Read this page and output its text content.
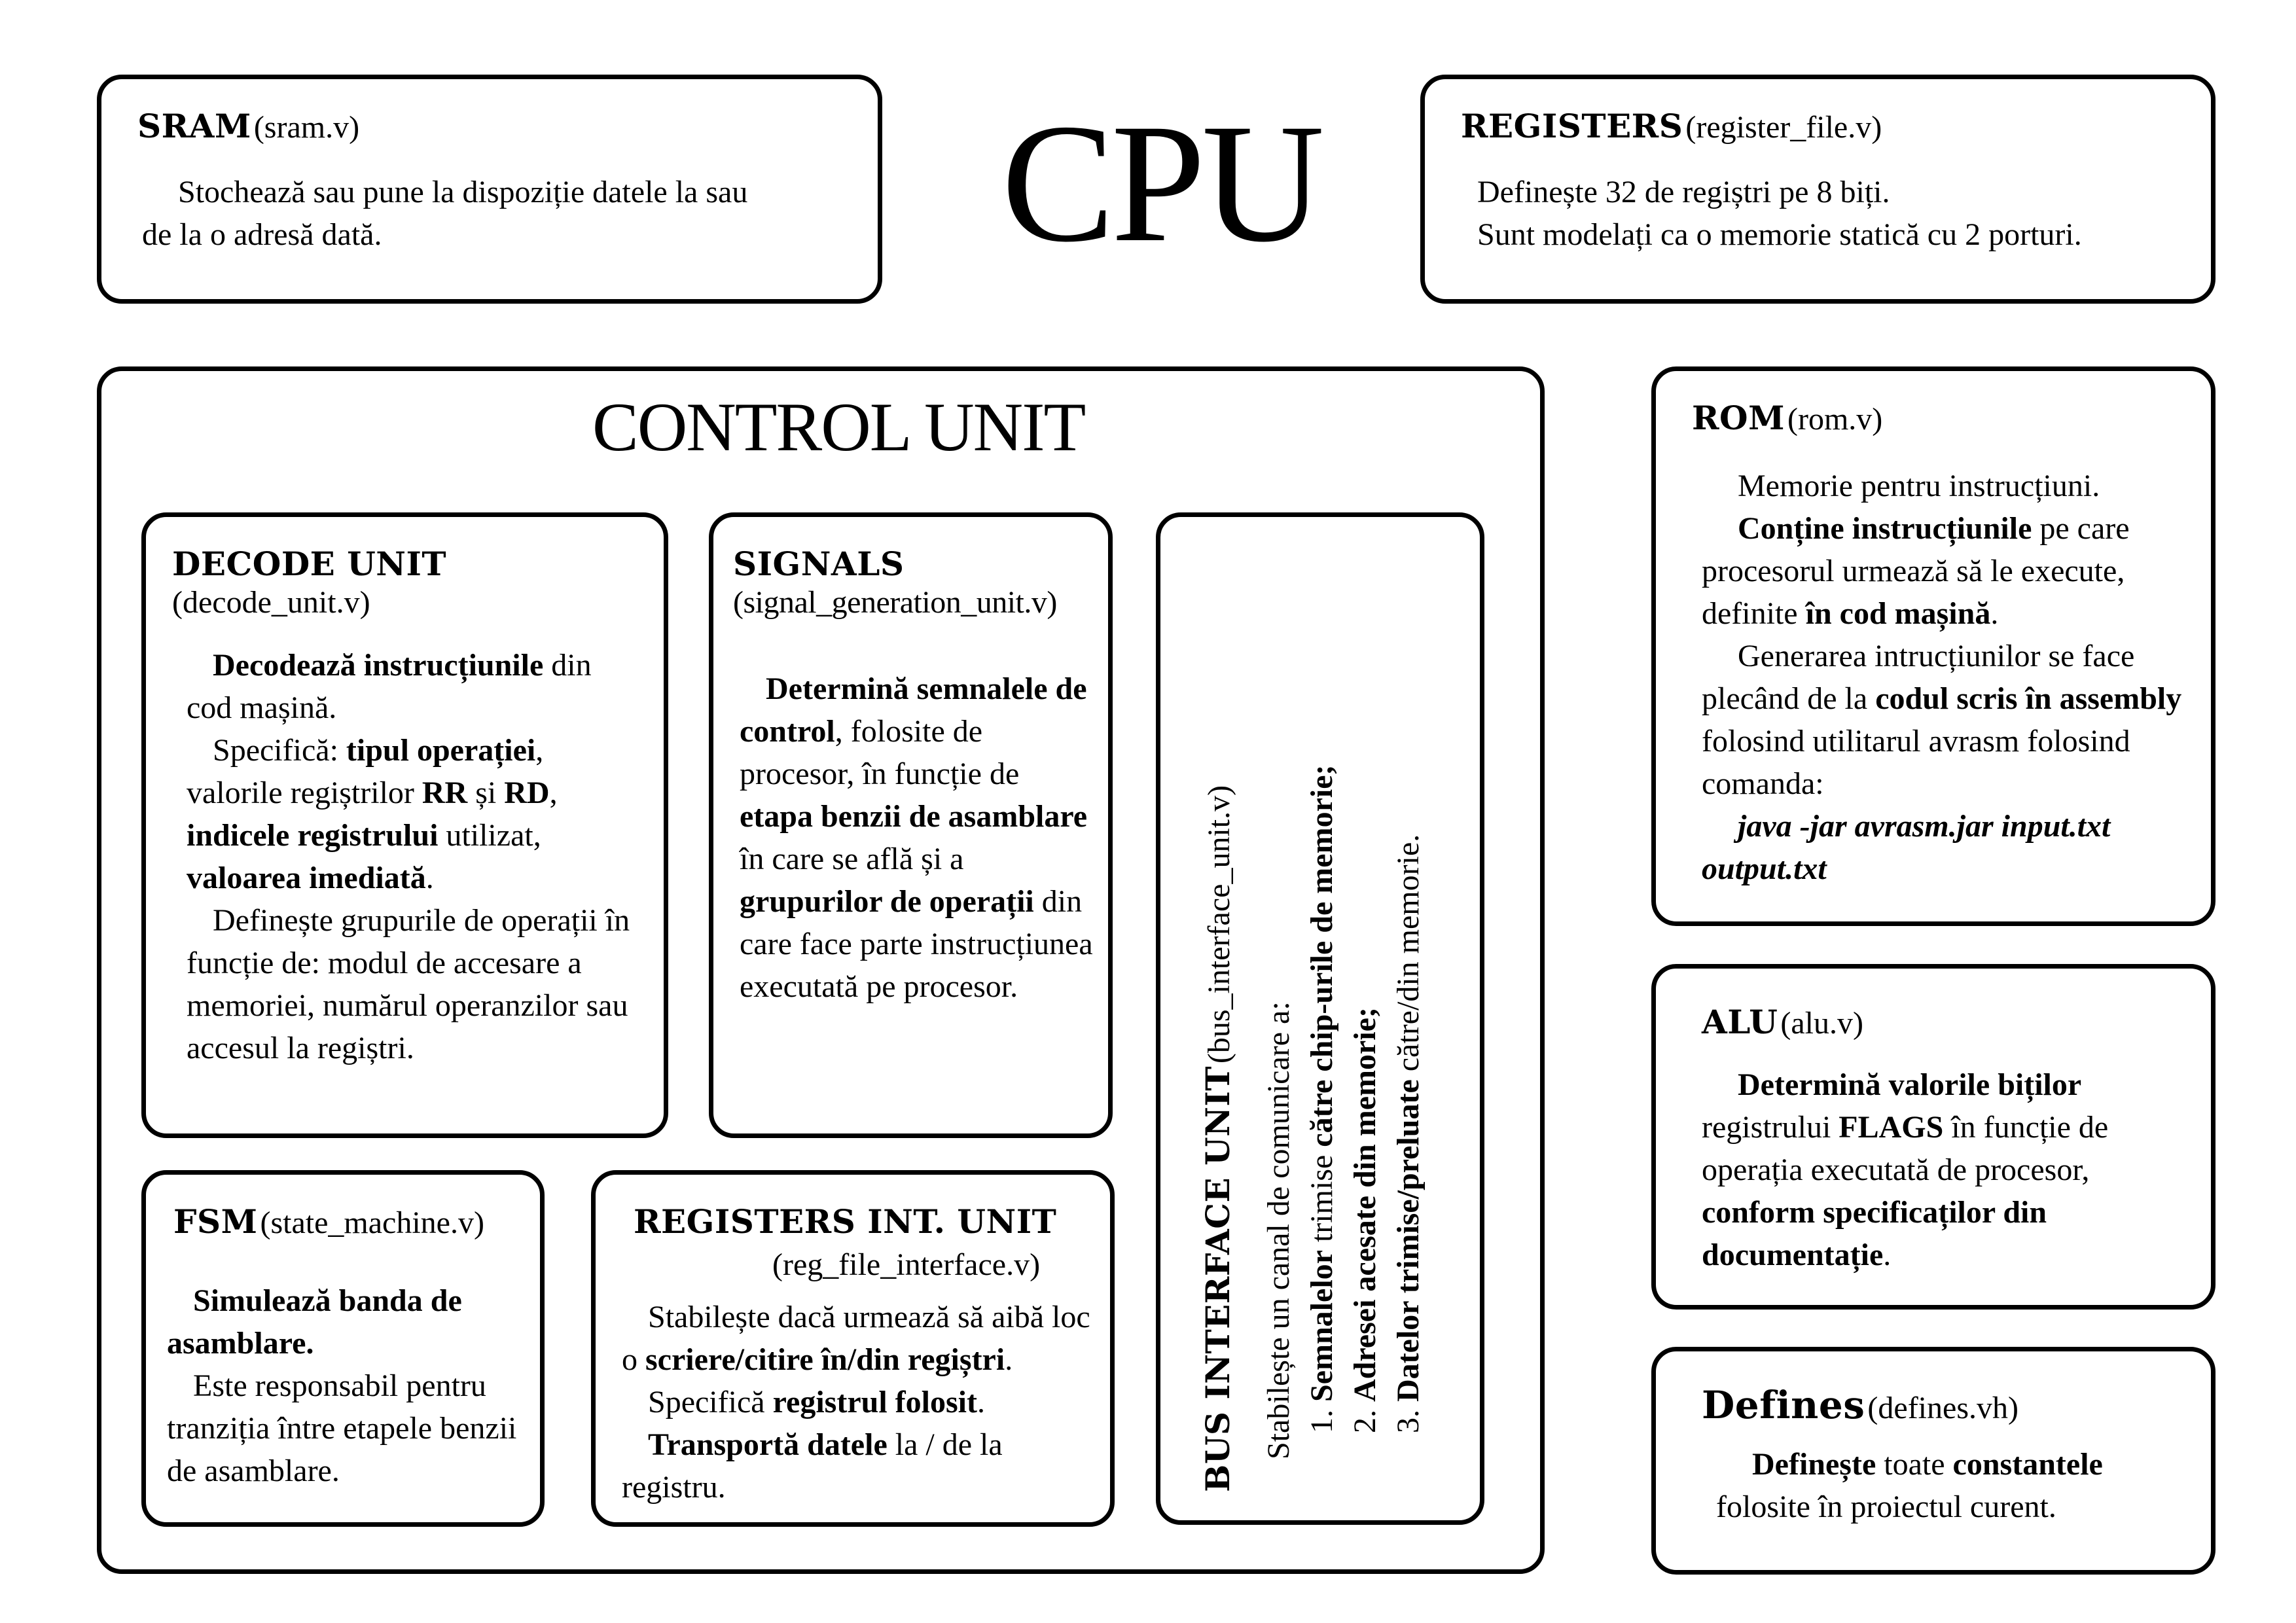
CPU
SRAM (sram.v)
Stochează sau pune la dispoziție datele la sau
de la o adresă dată.
REGISTERS (register_file.v)
Definește 32 de regiștri pe 8 biți.
Sunt modelați ca o memorie statică cu 2 porturi.
CONTROL UNIT
DECODE UNIT
(decode_unit.v)

Decodează instrucțiunile din cod mașină.

Specifică: tipul operației, valorile regiștrilor RR și RD, indicele registrului utilizat, valoarea imediată.

Definește grupurile de operații în funcție de: modul de accesare a memoriei, numărul operanzilor sau accesul la regiștri.

SIGNALS
(signal_generation_unit.v)

Determină semnalele de control, folosite de procesor, în funcție de etapa benzii de asamblare în care se află și a grupurilor de operații din care face parte instrucțiunea executată pe procesor.

BUS INTERFACE UNIT (bus_interface_unit.v)
Stabilește un canal de comunicare a: 1. Semnalelor trimise către chip-urile de memorie;
2. Adresei acesate din memorie;
3. Datelor trimise/preluate către/din memorie.
FSM (state_machine.v)

Simulează banda de asamblare.

Este responsabil pentru tranziția între etapele benzii de asamblare.

REGISTERS INT. UNIT
(reg_file_interface.v)

Stabilește dacă urmează să aibă loc o scriere/citire în/din regiștri.

Specifică registrul folosit.

Transportă datele la / de la registru.

ROM (rom.v)

Memorie pentru instrucțiuni.

Conține instrucțiunile pe care procesorul urmează să le execute, definite în cod mașină.

Generarea intrucțiunilor se face plecând de la codul scris în assembly folosind utilitarul avrasm folosind comanda:

java -jar avrasm.jar input.txt output.txt

ALU (alu.v)

Determină valorile biților registrului FLAGS în funcție de operația executată de procesor, conform specificaților din documentație.

Defines (defines.vh)

Definește toate constantele folosite în proiectul curent.
